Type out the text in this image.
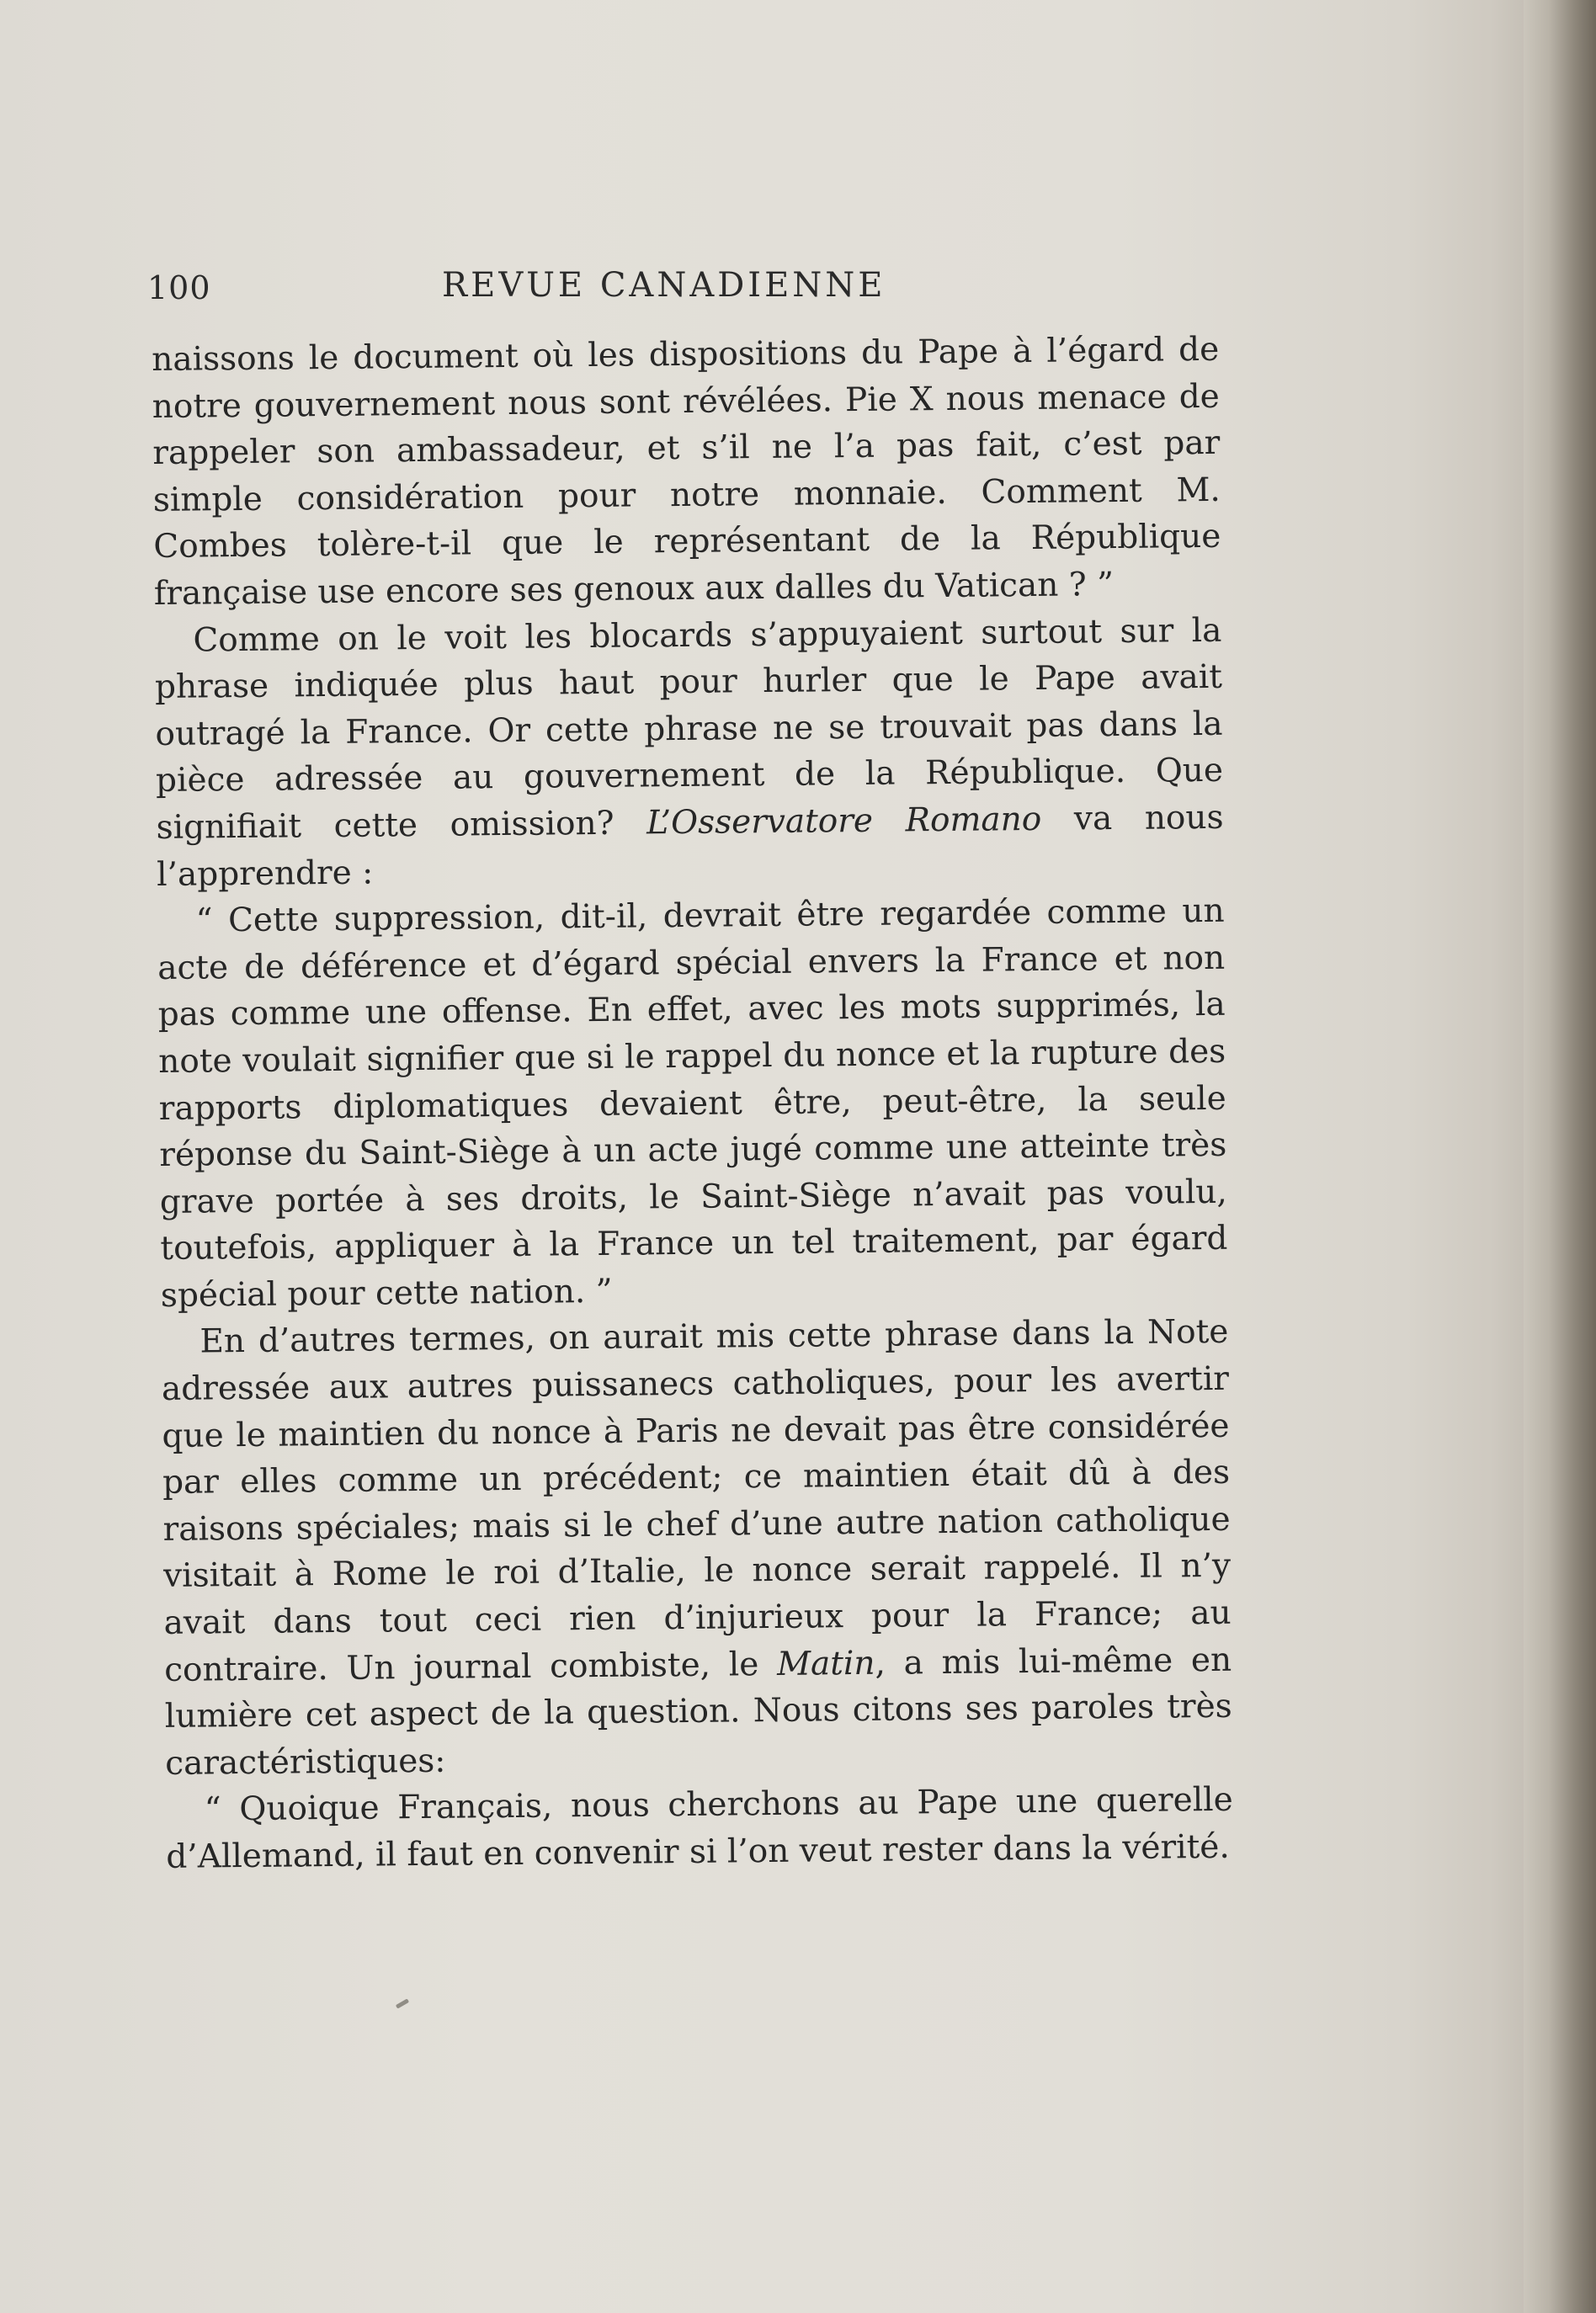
100	REVUE CANADIENNE

naissons le document où les dispositions du Pape à l’égard de notre gouvernement nous sont révélées. Pie X nous menace de rappeler son ambassadeur, et s’il ne l’a pas fait, c’est par simple considération pour notre monnaie. Comment M. Combes tolère-t-il que le représentant de la République française use encore ses genoux aux dalles du Vatican ? ”

Comme on le voit les blocards s’appuyaient surtout sur la phrase indiquée plus haut pour hurler que le Pape avait outragé la France. Or cette phrase ne se trouvait pas dans la pièce adressée au gouvernement de la République. Que signifiait cette omission? L’Osservatore Romano va nous l’apprendre :

“ Cette suppression, dit-il, devrait être regardée comme un acte de déférence et d’égard spécial envers la France et non pas comme une offense. En effet, avec les mots supprimés, la note voulait signifier que si le rappel du nonce et la rupture des rapports diplomatiques devaient être, peut-être, la seule réponse du Saint-Siège à un acte jugé comme une atteinte très grave portée à ses droits, le Saint-Siège n’avait pas voulu, toutefois, appliquer à la France un tel traitement, par égard spécial pour cette nation. ”

En d’autres termes, on aurait mis cette phrase dans la Note adressée aux autres puissanecs catholiques, pour les avertir que le maintien du nonce à Paris ne devait pas être considérée par elles comme un précédent; ce maintien était dû à des raisons spéciales; mais si le chef d’une autre nation catholique visitait à Rome le roi d’Italie, le nonce serait rappelé. Il n’y avait dans tout ceci rien d’injurieux pour la France; au contraire. Un journal combiste, le Matin, a mis lui-même en lumière cet aspect de la question. Nous citons ses paroles très caractéristiques:

“ Quoique Français, nous cherchons au Pape une querelle d’Allemand, il faut en convenir si l’on veut rester dans la vérité.
